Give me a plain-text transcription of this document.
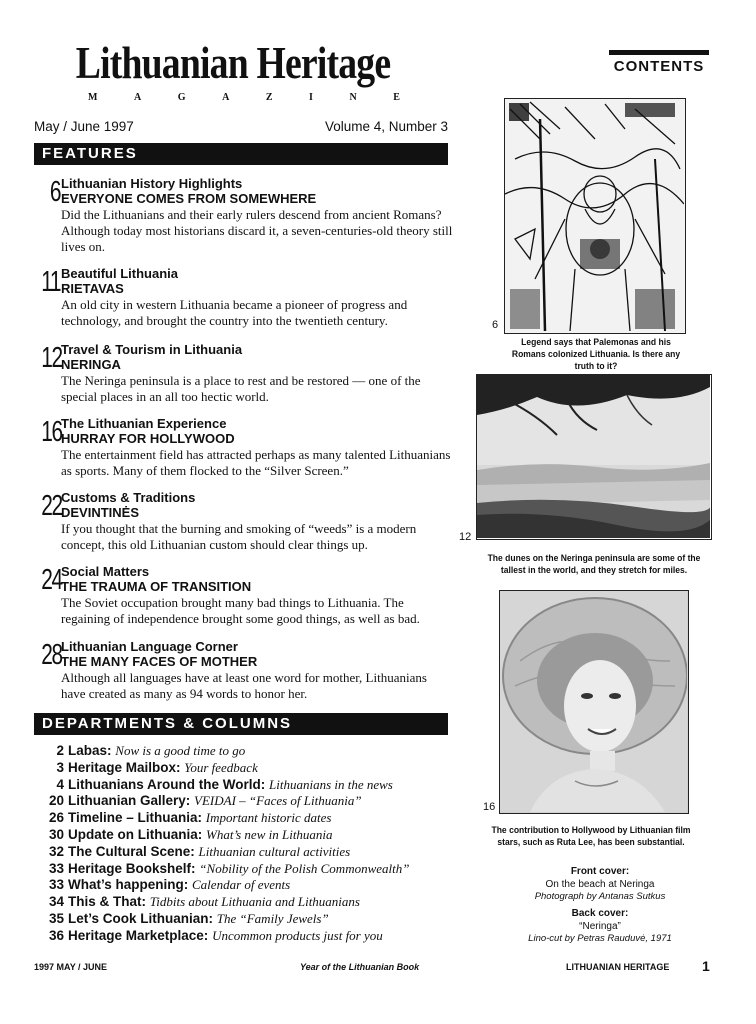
Lithuanian Heritage
M	A	G	A	Z	I	N	E
CONTENTS
May / June 1997	Volume 4, Number 3
FEATURES
6 Lithuanian History Highlights
EVERYONE COMES FROM SOMEWHERE
Did the Lithuanians and their early rulers descend from ancient Romans? Although today most historians discard it, a seven-centuries-old theory still lives on.
11 Beautiful Lithuania
RIETAVAS
An old city in western Lithuania became a pioneer of progress and technology, and brought the country into the twentieth century.
12 Travel & Tourism in Lithuania
NERINGA
The Neringa peninsula is a place to rest and be restored — one of the special places in an all too hectic world.
16 The Lithuanian Experience
HURRAY FOR HOLLYWOOD
The entertainment field has attracted perhaps as many talented Lithuanians as sports. Many of them flocked to the “Silver Screen.”
22 Customs & Traditions
DEVINTINĖS
If you thought that the burning and smoking of “weeds” is a modern concept, this old Lithuanian custom should clear things up.
24 Social Matters
THE TRAUMA OF TRANSITION
The Soviet occupation brought many bad things to Lithuania. The regaining of independence brought some good things, as well as bad.
28 Lithuanian Language Corner
THE MANY FACES OF MOTHER
Although all languages have at least one word for mother, Lithuanians have created as many as 94 words to honor her.
DEPARTMENTS & COLUMNS
2 Labas: Now is a good time to go
3 Heritage Mailbox: Your feedback
4 Lithuanians Around the World: Lithuanians in the news
20 Lithuanian Gallery: VEIDAI – “Faces of Lithuania”
26 Timeline – Lithuania: Important historic dates
30 Update on Lithuania: What’s new in Lithuania
32 The Cultural Scene: Lithuanian cultural activities
33 Heritage Bookshelf: “Nobility of the Polish Commonwealth”
33 What’s happening: Calendar of events
34 This & That: Tidbits about Lithuania and Lithuanians
35 Let’s Cook Lithuanian: The “Family Jewels”
36 Heritage Marketplace: Uncommon products just for you
6
Legend says that Palemonas and his Romans colonized Lithuania. Is there any truth to it?
12
The dunes on the Neringa peninsula are some of the tallest in the world, and they stretch for miles.
16
The contribution to Hollywood by Lithuanian film stars, such as Ruta Lee, has been substantial.
Front cover:
On the beach at Neringa
Photograph by Antanas Sutkus
Back cover:
“Neringa”
Lino-cut by Petras Rauduvė, 1971
1997 MAY / JUNE	Year of the Lithuanian Book	LITHUANIAN HERITAGE 1
